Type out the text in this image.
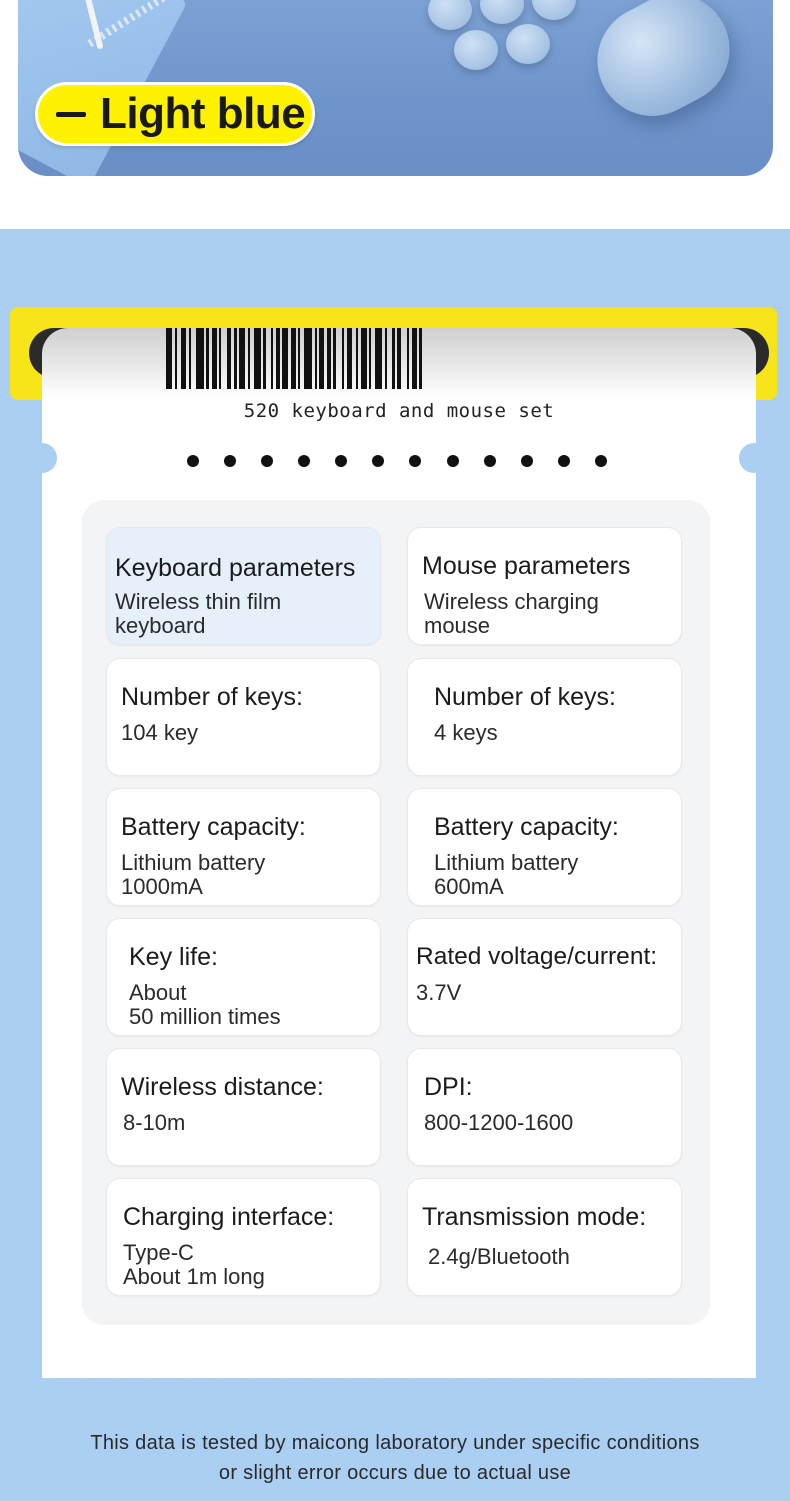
Light blue
520 keyboard and mouse set
Keyboard parameters
Wireless thin film
keyboard
Number of keys:
104 key
Battery capacity:
Lithium battery
1000mA
Key life:
About
50 million times
Wireless distance:
8-10m
Charging interface:
Type-C
About 1m long
Mouse parameters
Wireless charging
mouse
Number of keys:
4 keys
Battery capacity:
Lithium battery
600mA
Rated voltage/current:
3.7V
DPI:
800-1200-1600
Transmission mode:
2.4g/Bluetooth
This data is tested by maicong laboratory under specific conditions
or slight error occurs due to actual use
